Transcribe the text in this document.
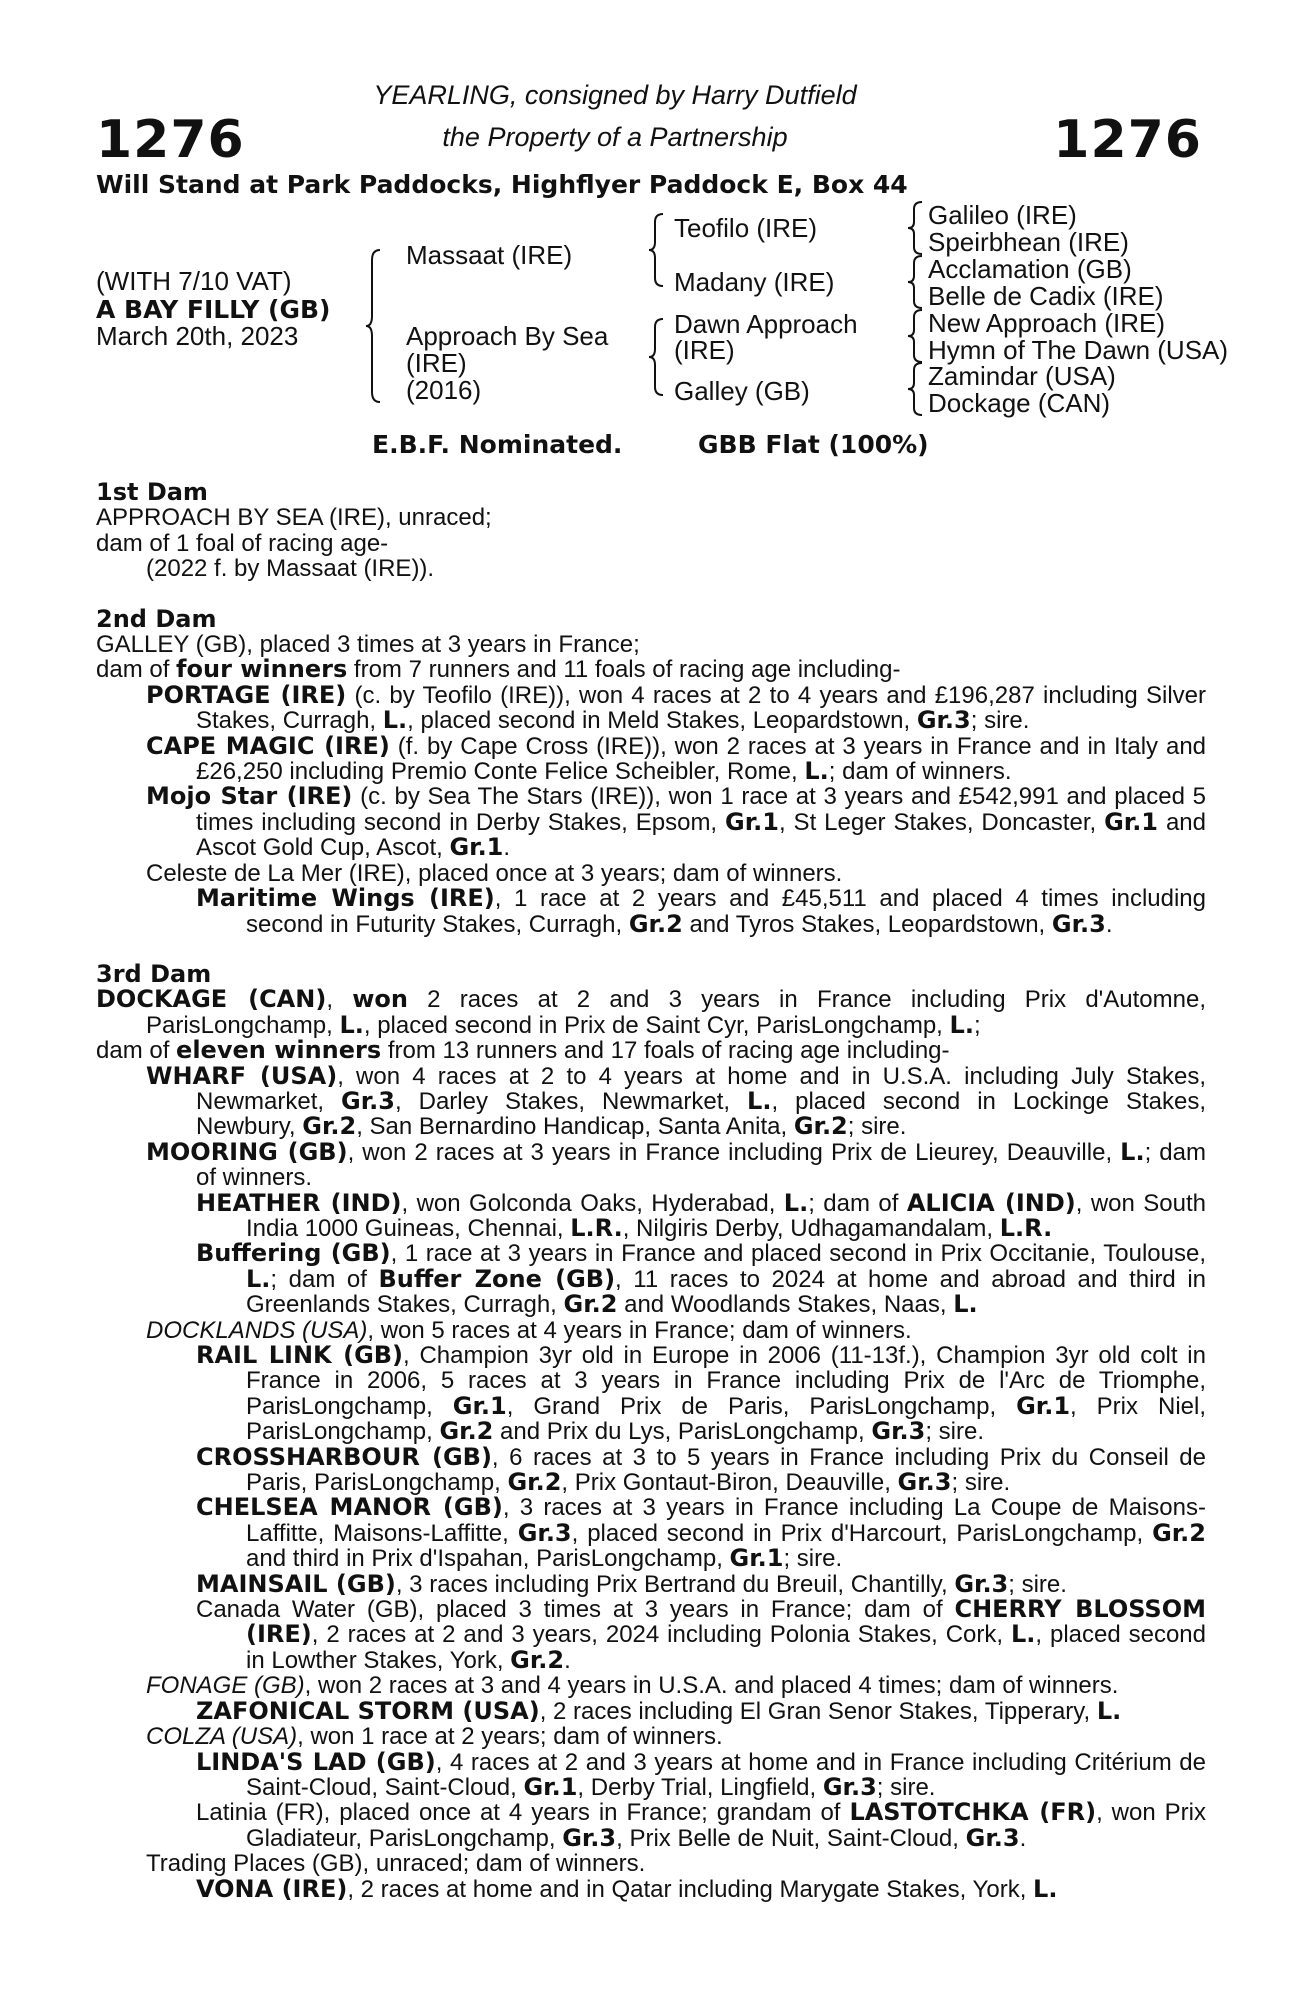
1276	1276
YEARLING, consigned by Harry Dutfield
the Property of a Partnership
Will Stand at Park Paddocks, Highflyer Paddock E, Box 44
(WITH 7/10 VAT)
A BAY FILLY (GB)
March 20th, 2023
Massaat (IRE)
Approach By Sea
(IRE)
(2016)
Teofilo (IRE)
Madany (IRE)
Dawn Approach
(IRE)
Galley (GB)
Galileo (IRE)
Speirbhean (IRE)
Acclamation (GB)
Belle de Cadix (IRE)
New Approach (IRE)
Hymn of The Dawn (USA)
Zamindar (USA)
Dockage (CAN)
E.B.F. Nominated.	GBB Flat (100%)
1st Dam
APPROACH BY SEA (IRE), unraced;
dam of 1 foal of racing age-
(2022 f. by Massaat (IRE)).
2nd Dam
GALLEY (GB), placed 3 times at 3 years in France;
dam of four winners from 7 runners and 11 foals of racing age including-
PORTAGE (IRE) (c. by Teofilo (IRE)), won 4 races at 2 to 4 years and £196,287 including Silver Stakes, Curragh, L., placed second in Meld Stakes, Leopardstown, Gr.3; sire.
CAPE MAGIC (IRE) (f. by Cape Cross (IRE)), won 2 races at 3 years in France and in Italy and £26,250 including Premio Conte Felice Scheibler, Rome, L.; dam of winners.
Mojo Star (IRE) (c. by Sea The Stars (IRE)), won 1 race at 3 years and £542,991 and placed 5 times including second in Derby Stakes, Epsom, Gr.1, St Leger Stakes, Doncaster, Gr.1 and Ascot Gold Cup, Ascot, Gr.1.
Celeste de La Mer (IRE), placed once at 3 years; dam of winners.
Maritime Wings (IRE), 1 race at 2 years and £45,511 and placed 4 times including second in Futurity Stakes, Curragh, Gr.2 and Tyros Stakes, Leopardstown, Gr.3.
3rd Dam
DOCKAGE (CAN), won 2 races at 2 and 3 years in France including Prix d'Automne, ParisLongchamp, L., placed second in Prix de Saint Cyr, ParisLongchamp, L.;
dam of eleven winners from 13 runners and 17 foals of racing age including-
WHARF (USA), won 4 races at 2 to 4 years at home and in U.S.A. including July Stakes, Newmarket, Gr.3, Darley Stakes, Newmarket, L., placed second in Lockinge Stakes, Newbury, Gr.2, San Bernardino Handicap, Santa Anita, Gr.2; sire.
MOORING (GB), won 2 races at 3 years in France including Prix de Lieurey, Deauville, L.; dam of winners.
HEATHER (IND), won Golconda Oaks, Hyderabad, L.; dam of ALICIA (IND), won South India 1000 Guineas, Chennai, L.R., Nilgiris Derby, Udhagamandalam, L.R.
Buffering (GB), 1 race at 3 years in France and placed second in Prix Occitanie, Toulouse, L.; dam of Buffer Zone (GB), 11 races to 2024 at home and abroad and third in Greenlands Stakes, Curragh, Gr.2 and Woodlands Stakes, Naas, L.
DOCKLANDS (USA), won 5 races at 4 years in France; dam of winners.
RAIL LINK (GB), Champion 3yr old in Europe in 2006 (11-13f.), Champion 3yr old colt in France in 2006, 5 races at 3 years in France including Prix de l'Arc de Triomphe, ParisLongchamp, Gr.1, Grand Prix de Paris, ParisLongchamp, Gr.1, Prix Niel, ParisLongchamp, Gr.2 and Prix du Lys, ParisLongchamp, Gr.3; sire.
CROSSHARBOUR (GB), 6 races at 3 to 5 years in France including Prix du Conseil de Paris, ParisLongchamp, Gr.2, Prix Gontaut-Biron, Deauville, Gr.3; sire.
CHELSEA MANOR (GB), 3 races at 3 years in France including La Coupe de Maisons-Laffitte, Maisons-Laffitte, Gr.3, placed second in Prix d'Harcourt, ParisLongchamp, Gr.2 and third in Prix d'Ispahan, ParisLongchamp, Gr.1; sire.
MAINSAIL (GB), 3 races including Prix Bertrand du Breuil, Chantilly, Gr.3; sire.
Canada Water (GB), placed 3 times at 3 years in France; dam of CHERRY BLOSSOM (IRE), 2 races at 2 and 3 years, 2024 including Polonia Stakes, Cork, L., placed second in Lowther Stakes, York, Gr.2.
FONAGE (GB), won 2 races at 3 and 4 years in U.S.A. and placed 4 times; dam of winners.
ZAFONICAL STORM (USA), 2 races including El Gran Senor Stakes, Tipperary, L.
COLZA (USA), won 1 race at 2 years; dam of winners.
LINDA'S LAD (GB), 4 races at 2 and 3 years at home and in France including Critérium de Saint-Cloud, Saint-Cloud, Gr.1, Derby Trial, Lingfield, Gr.3; sire.
Latinia (FR), placed once at 4 years in France; grandam of LASTOTCHKA (FR), won Prix Gladiateur, ParisLongchamp, Gr.3, Prix Belle de Nuit, Saint-Cloud, Gr.3.
Trading Places (GB), unraced; dam of winners.
VONA (IRE), 2 races at home and in Qatar including Marygate Stakes, York, L.
